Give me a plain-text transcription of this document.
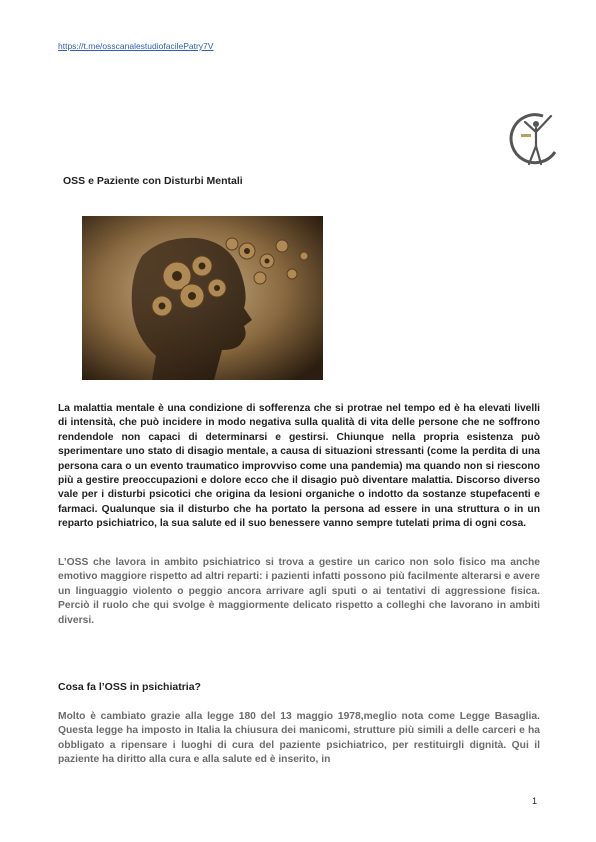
https://t.me/osscanalestudiofacilePatry7V
OSS e Paziente con Disturbi Mentali

La malattia mentale è una condizione di sofferenza che si protrae nel tempo ed è ha elevati livelli di intensità, che può incidere in modo negativa sulla qualità di vita delle persone che ne soffrono rendendole non capaci di determinarsi e gestirsi. Chiunque nella propria esistenza può sperimentare uno stato di disagio mentale, a causa di situazioni stressanti (come la perdita di una persona cara o un evento traumatico improvviso come una pandemia) ma quando non si riescono più a gestire preoccupazioni e dolore ecco che il disagio può diventare malattia. Discorso diverso vale per i disturbi psicotici che origina da lesioni organiche o indotto da sostanze stupefacenti e farmaci. Qualunque sia il disturbo che ha portato la persona ad essere in una struttura o in un reparto psichiatrico, la sua salute ed il suo benessere vanno sempre tutelati prima di ogni cosa.

L’OSS che lavora in ambito psichiatrico si trova a gestire un carico non solo fisico ma anche emotivo maggiore rispetto ad altri reparti: i pazienti infatti possono più facilmente alterarsi e avere un linguaggio violento o peggio ancora arrivare agli sputi o ai tentativi di aggressione fisica. Perciò il ruolo che qui svolge è maggiormente delicato rispetto a colleghi che lavorano in ambiti diversi.

Cosa fa l’OSS in psichiatria?

Molto è cambiato grazie alla legge 180 del 13 maggio 1978,meglio nota come Legge Basaglia. Questa legge ha imposto in Italia la chiusura dei manicomi, strutture più simili a delle carceri e ha obbligato a ripensare i luoghi di cura del paziente psichiatrico, per restituirgli dignità. Qui il paziente ha diritto alla cura e alla salute ed è inserito, in

1
